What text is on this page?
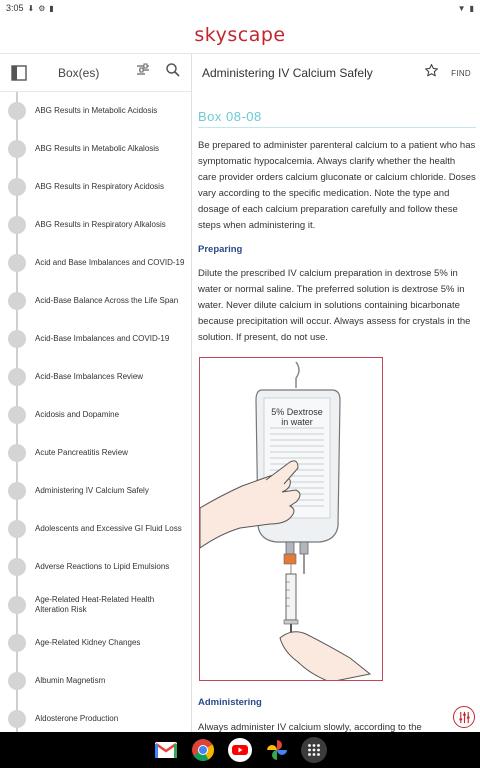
3:05 ⬇ ⚙ ▮	▼ ▮
skyscape
Box(es)
ABG Results in Metabolic Acidosis
ABG Results in Metabolic Alkalosis
ABG Results in Respiratory Acidosis
ABG Results in Respiratory Alkalosis
Acid and Base Imbalances and COVID-19
Acid-Base Balance Across the Life Span
Acid-Base Imbalances and COVID-19
Acid-Base Imbalances Review
Acidosis and Dopamine
Acute Pancreatitis Review
Administering IV Calcium Safely
Adolescents and Excessive GI Fluid Loss
Adverse Reactions to Lipid Emulsions
Age-Related Heat-Related Health Alteration Risk
Age-Related Kidney Changes
Albumin Magnetism
Aldosterone Production
Administering IV Calcium Safely	FIND
Box 08-08
Be prepared to administer parenteral calcium to a patient who has symptomatic hypocalcemia. Always clarify whether the health care provider orders calcium gluconate or calcium chloride. Doses vary according to the specific medication. Note the type and dosage of each calcium preparation carefully and follow these steps when administering it.
Preparing
Dilute the prescribed IV calcium preparation in dextrose 5% in water or normal saline. The preferred solution is dextrose 5% in water. Never dilute calcium in solutions containing bicarbonate because precipitation will occur. Always assess for crystals in the solution. If present, do not use.
5% Dextrose
in water
Administering
Always administer IV calcium slowly, according to the
